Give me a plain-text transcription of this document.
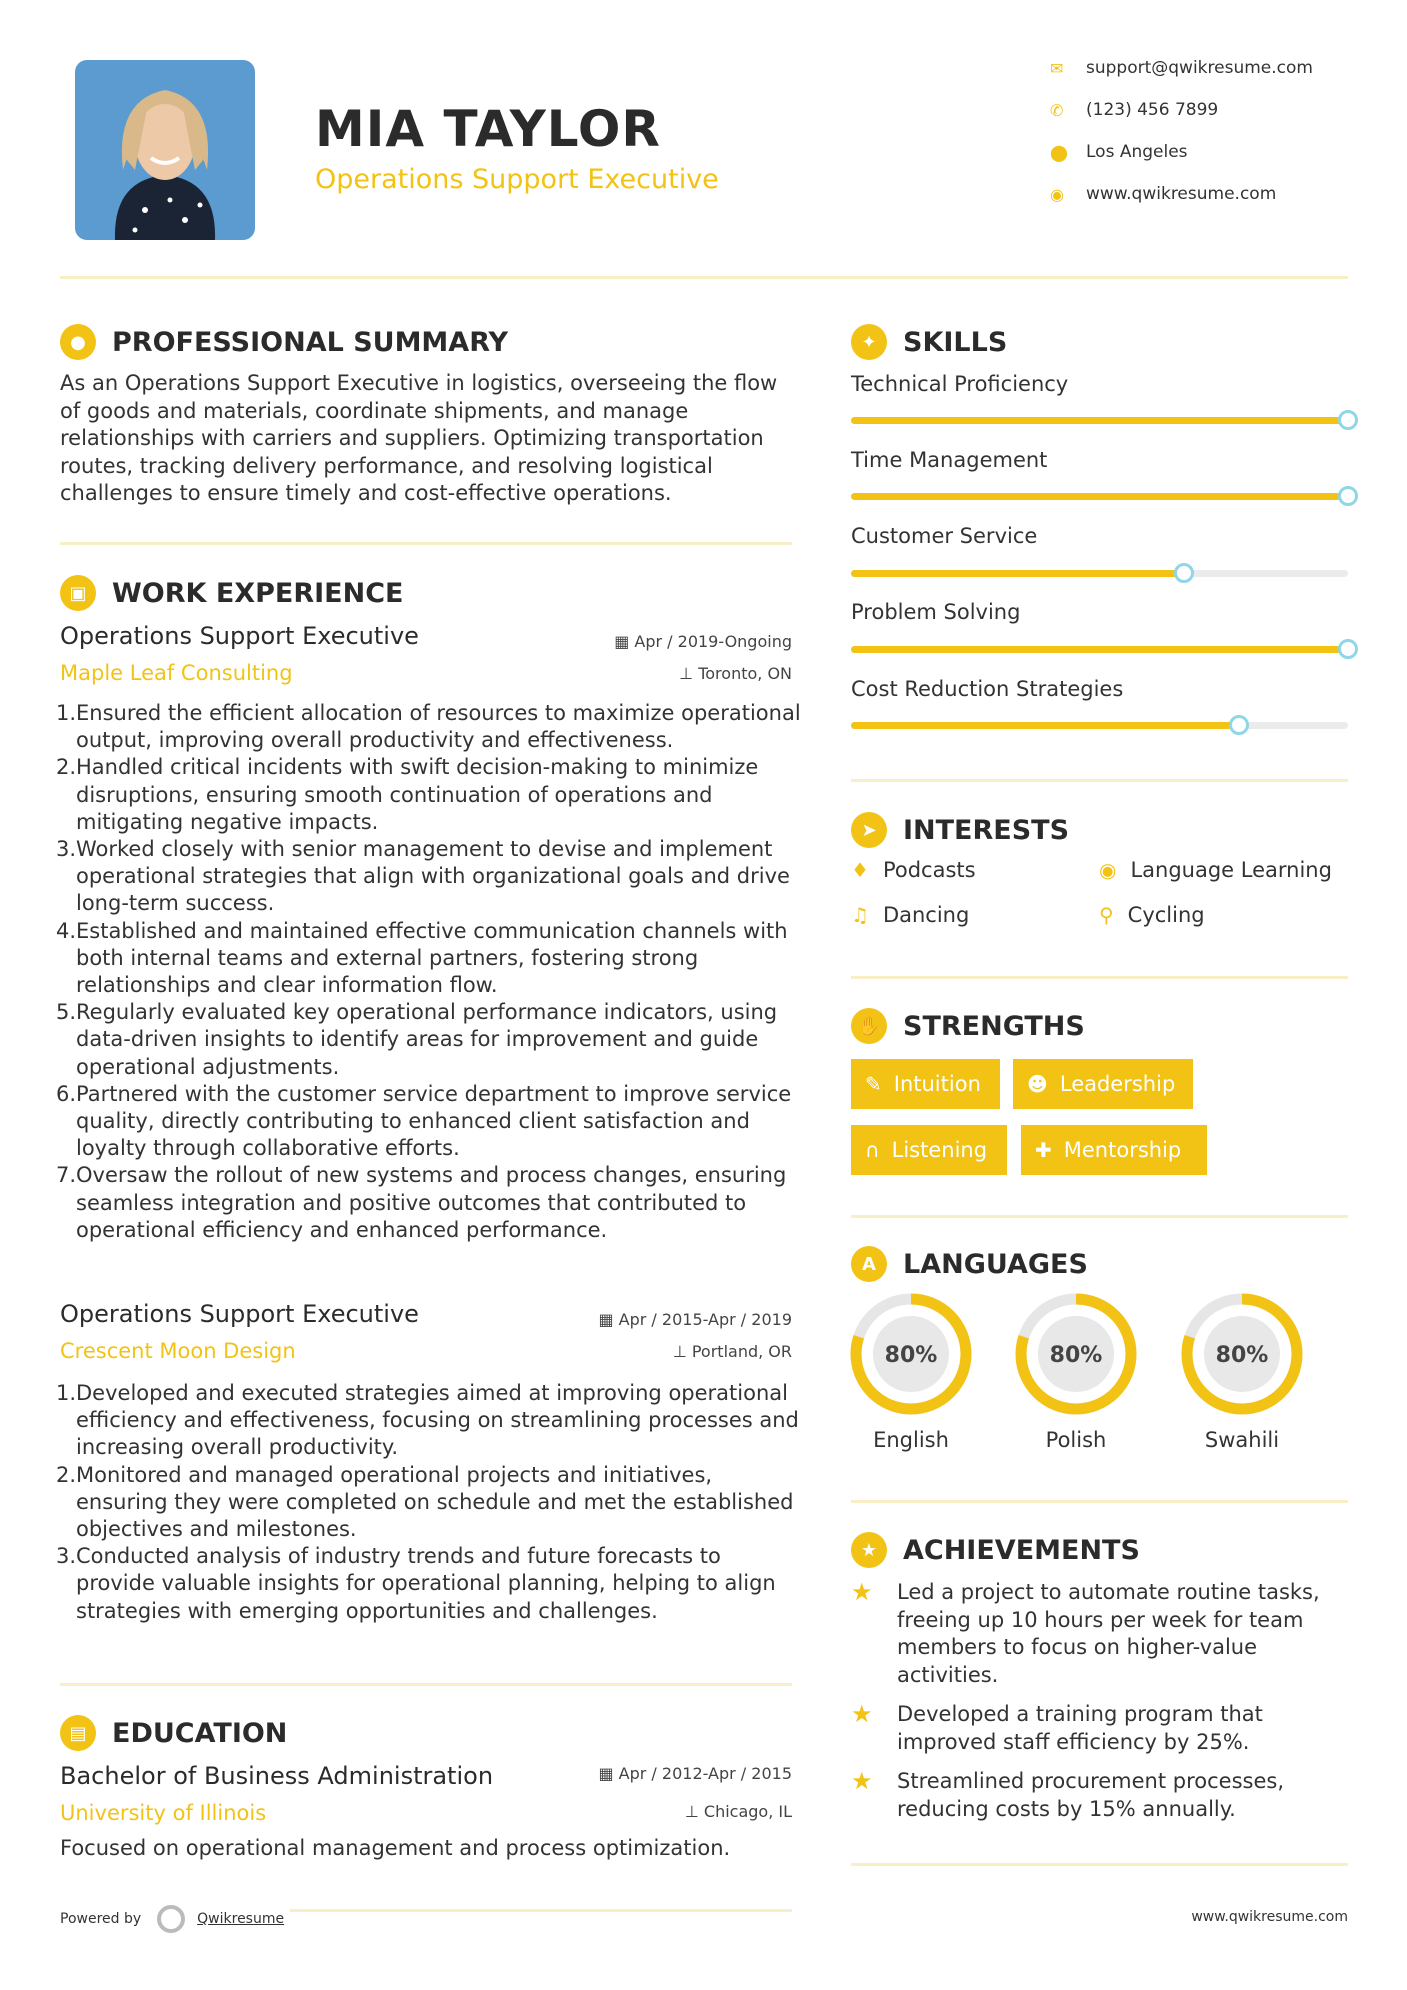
MIA TAYLOR
Operations Support Executive
✉	support@qwikresume.com
✆	(123) 456 7899
⬤	Los Angeles
◉	www.qwikresume.com
● PROFESSIONAL SUMMARY
As an Operations Support Executive in logistics, overseeing the flow of goods and materials, coordinate shipments, and manage relationships with carriers and suppliers. Optimizing transportation routes, tracking delivery performance, and resolving logistical challenges to ensure timely and cost-effective operations.
▣ WORK EXPERIENCE
Operations Support Executive
Maple Leaf Consulting
▦ Apr / 2019-Ongoing
⊥ Toronto, ON
1. Ensured the efficient allocation of resources to maximize operational output, improving overall productivity and effectiveness.
2. Handled critical incidents with swift decision-making to minimize disruptions, ensuring smooth continuation of operations and mitigating negative impacts.
3. Worked closely with senior management to devise and implement operational strategies that align with organizational goals and drive long-term success.
4. Established and maintained effective communication channels with both internal teams and external partners, fostering strong relationships and clear information flow.
5. Regularly evaluated key operational performance indicators, using data-driven insights to identify areas for improvement and guide operational adjustments.
6. Partnered with the customer service department to improve service quality, directly contributing to enhanced client satisfaction and loyalty through collaborative efforts.
7. Oversaw the rollout of new systems and process changes, ensuring seamless integration and positive outcomes that contributed to operational efficiency and enhanced performance.
Operations Support Executive
Crescent Moon Design
▦ Apr / 2015-Apr / 2019
⊥ Portland, OR
1. Developed and executed strategies aimed at improving operational efficiency and effectiveness, focusing on streamlining processes and increasing overall productivity.
2. Monitored and managed operational projects and initiatives, ensuring they were completed on schedule and met the established objectives and milestones.
3. Conducted analysis of industry trends and future forecasts to provide valuable insights for operational planning, helping to align strategies with emerging opportunities and challenges.
▤ EDUCATION
Bachelor of Business Administration
University of Illinois
▦ Apr / 2012-Apr / 2015
⊥ Chicago, IL
Focused on operational management and process optimization.
✦ SKILLS
Technical Proficiency
Time Management
Customer Service
Problem Solving
Cost Reduction Strategies
➤ INTERESTS
♦ Podcasts	◉ Language Learning
♫ Dancing	⚲ Cycling
✋ STRENGTHS
✎ Intuition ☻ Leadership
∩ Listening ✚ Mentorship
A	LANGUAGES
80%
English
80%
Polish
80%
Swahili
★ ACHIEVEMENTS
★	Led a project to automate routine tasks, freeing up 10 hours per week for team members to focus on higher-value activities.
★	Developed a training program that improved staff efficiency by 25%.
★	Streamlined procurement processes, reducing costs by 15% annually.
Powered by	Qwikresume	www.qwikresume.com
